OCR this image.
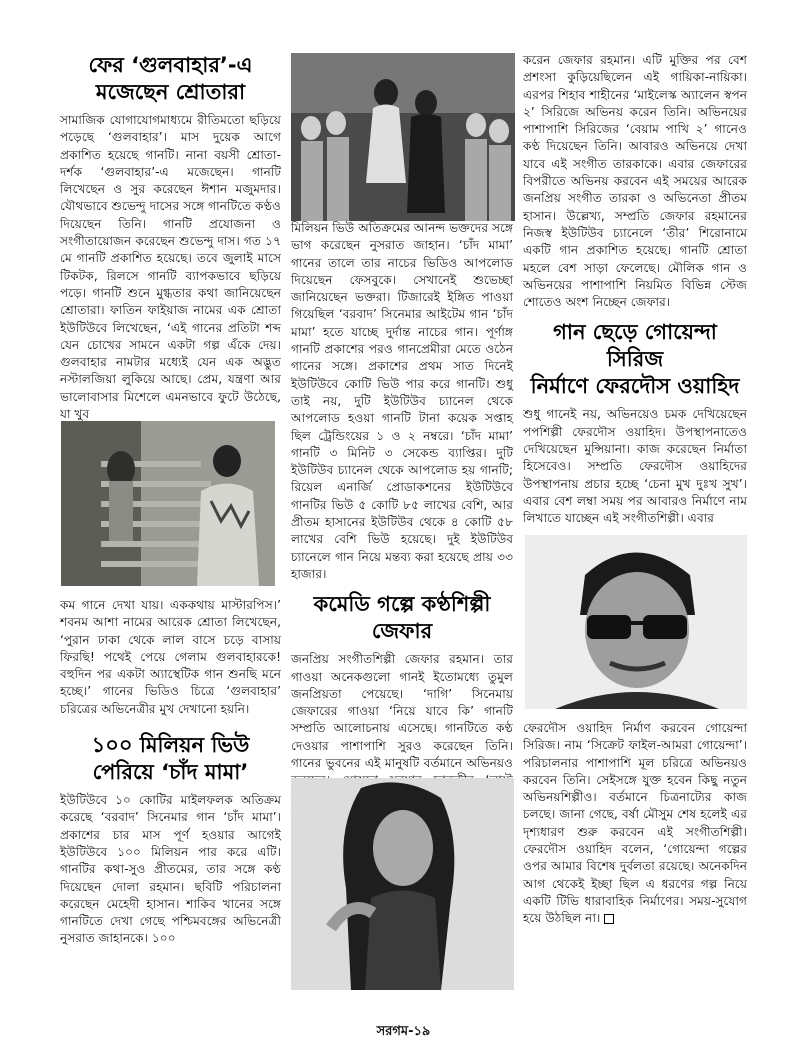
ফের ‘গুলবাহার’-এ
মজেছেন শ্রোতারা

সামাজিক যোগাযোগমাধ্যমে রীতিমতো ছড়িয়ে পড়েছে ‘গুলবাহার’। মাস দুয়েক আগে প্রকাশিত হয়েছে গানটি। নানা বয়সী শ্রোতা-দর্শক ‘গুলবাহার’-এ মজেছেন। গানটি লিখেছেন ও সুর করেছেন ঈশান মজুমদার। যৌথভাবে শুভেন্দু দাসের সঙ্গে গানটিতে কণ্ঠও দিয়েছেন তিনি। গানটি প্রযোজনা ও সংগীতায়োজন করেছেন শুভেন্দু দাস। গত ১৭ মে গানটি প্রকাশিত হয়েছে। তবে জুলাই মাসে টিকটক, রিলসে গানটি ব্যাপকভাবে ছড়িয়ে পড়ে। গানটি শুনে মুগ্ধতার কথা জানিয়েছেন শ্রোতারা। ফাতিন ফাইয়াজ নামের এক শ্রোতা ইউটিউবে লিখেছেন, ‘এই গানের প্রতিটা শব্দ যেন চোখের সামনে একটা গল্প এঁকে দেয়। গুলবাহার নামটার মধ্যেই যেন এক অদ্ভুত নস্টালজিয়া লুকিয়ে আছে। প্রেম, যন্ত্রণা আর ভালোবাসার মিশেলে এমনভাবে ফুটে উঠেছে, যা খুব

কম গানে দেখা যায়। এককথায় মাস্টারপিস।’ শবনম আশা নামের আরেক শ্রোতা লিখেছেন, ‘পুরান ঢাকা থেকে লাল বাসে চড়ে বাসায় ফিরছি! পথেই পেয়ে গেলাম গুলবাহারকে! বহুদিন পর একটা অ্যাস্থেটিক গান শুনছি মনে হচ্ছে।’ গানের ভিডিও চিত্রে ‘গুলবাহার’ চরিত্রের অভিনেত্রীর মুখ দেখানো হয়নি।

১০০ মিলিয়ন ভিউ
পেরিয়ে ‘চাঁদ মামা’

ইউটিউবে ১০ কোটির মাইলফলক অতিক্রম করেছে ‘বরবাদ’ সিনেমার গান ‘চাঁদ মামা’। প্রকাশের চার মাস পূর্ণ হওয়ার আগেই ইউটিউবে ১০০ মিলিয়ন পার করে এটি। গানটির কথা-সুও প্রীতমের, তার সঙ্গে কণ্ঠ দিয়েছেন দোলা রহমান। ছবিটি পরিচালনা করেছেন মেহেদী হাসান। শাকিব খানের সঙ্গে গানটিতে দেখা গেছে পশ্চিমবঙ্গের অভিনেত্রী নুসরাত জাহানকে। ১০০

মিলিয়ন ভিউ অতিক্রমের আনন্দ ভক্তদের সঙ্গে ভাগ করেছেন নুসরাত জাহান। ‘চাঁদ মামা’ গানের তালে তার নাচের ভিডিও আপলোড দিয়েছেন ফেসবুকে। সেখানেই শুভেচ্ছা জানিয়েছেন ভক্তরা। টিজারেই ইঙ্গিত পাওয়া গিয়েছিল ‘বরবাদ’ সিনেমার আইটেম গান ‘চাঁদ মামা’ হতে যাচ্ছে দুর্দান্ত নাচের গান। পূর্ণাঙ্গ গানটি প্রকাশের পরও গানপ্রেমীরা মেতে ওঠেন গানের সঙ্গে। প্রকাশের প্রথম সাত দিনেই ইউটিউবে কোটি ভিউ পার করে গানটি। শুধু তাই নয়, দুটি ইউটিউব চ্যানেল থেকে আপলোড হওয়া গানটি টানা কয়েক সপ্তাহ ছিল ট্রেন্ডিংয়ের ১ ও ২ নম্বরে। ‘চাঁদ মামা’ গানটি ৩ মিনিট ৩ সেকেন্ড ব্যাপ্তির। দুটি ইউটিউব চ্যানেল থেকে আপলোড হয় গানটি; রিয়েল এনার্জি প্রোডাকশনের ইউটিউবে গানটির ভিউ ৫ কোটি ৮৫ লাখের বেশি, আর প্রীতম হাসানের ইউটিউব থেকে ৪ কোটি ৫৮ লাখের বেশি ভিউ হয়েছে। দুই ইউটিউব চ্যানেলে গান নিয়ে মন্তব্য করা হয়েছে প্রায় ৩৩ হাজার।

কমেডি গল্পে কণ্ঠশিল্পী
জেফার

জনপ্রিয় সংগীতশিল্পী জেফার রহমান। তার গাওয়া অনেকগুলো গানই ইতোমধ্যে তুমুল জনপ্রিয়তা পেয়েছে। ‘দাগি’ সিনেমায় জেফারের গাওয়া ‘নিয়ে যাবে কি’ গানটি সম্প্রতি আলোচনায় এসেছে। গানটিতে কণ্ঠ দেওয়ার পাশাপাশি সুরও করেছেন তিনি। গানের ভুবনের এই মানুষটি বর্তমানে অভিনয়ও

করেন জেফার রহমান। এটি মুক্তির পর বেশ প্রশংসা কুড়িয়েছিলেন এই গায়িকা-নায়িকা। এরপর শিহাব শাহীনের ‘মাইলেস্ক অ্যালেন স্বপন ২’ সিরিজে অভিনয় করেন তিনি। অভিনয়ের পাশাপাশি সিরিজের ‘বেয়াম পাখি ২’ গানেও কণ্ঠ দিয়েছেন তিনি। আবারও অভিনয়ে দেখা যাবে এই সংগীত তারকাকে। এবার জেফারের বিপরীতে অভিনয় করবেন এই সময়ের আরেক জনপ্রিয় সংগীত তারকা ও অভিনেতা প্রীতম হাসান। উল্লেখ্য, সম্প্রতি জেফার রহমানের নিজস্ব ইউটিউব চ্যানেলে ‘তীর’ শিরোনামে একটি গান প্রকাশিত হয়েছে। গানটি শ্রোতা মহলে বেশ সাড়া ফেলেছে। মৌলিক গান ও অভিনয়ের পাশাপাশি নিয়মিত বিভিন্ন স্টেজ শোতেও অংশ নিচ্ছেন জেফার।

গান ছেড়ে গোয়েন্দা সিরিজ
নির্মাণে ফেরদৌস ওয়াহিদ

শুধু গানেই নয়, অভিনয়েও চমক দেখিয়েছেন পপশিল্পী ফেরদৌস ওয়াহিদ। উপস্থাপনাতেও দেখিয়েছেন মুন্সিয়ানা। কাজ করেছেন নির্মাতা হিসেবেও। সম্প্রতি ফেরদৌস ওয়াহিদের উপস্থাপনায় প্রচার হচ্ছে ‘চেনা মুখ দুঃখ সুখ’। এবার বেশ লম্বা সময় পর আবারও নির্মাণে নাম লিখাতে যাচ্ছেন এই সংগীতশিল্পী। এবার

ফেরদৌস ওয়াহিদ নির্মাণ করবেন গোয়েন্দা সিরিজ। নাম ‘সিক্রেট ফাইল-আমরা গোয়েন্দা’। পরিচালনার পাশাপাশি মূল চরিত্রে অভিনয়ও করবেন তিনি। সেইসঙ্গে যুক্ত হবেন কিছু নতুন অভিনয়শিল্পীও। বর্তমানে চিত্রনাট্যের কাজ চলছে। জানা গেছে, বর্ষা মৌসুম শেষ হলেই এর দৃশ্যধারণ শুরু করবেন এই সংগীতশিল্পী। ফেরদৌস ওয়াহিদ বলেন, ‘গোয়েন্দা গল্পের ওপর আমার বিশেষ দুর্বলতা রয়েছে। অনেকদিন আগ থেকেই ইচ্ছা ছিল এ ধরণের গল্প নিয়ে একটি টিভি ধারাবাহিক নির্মাণের। সময়-সুযোগ হয়ে উঠছিল না।

সরগম-১৯
